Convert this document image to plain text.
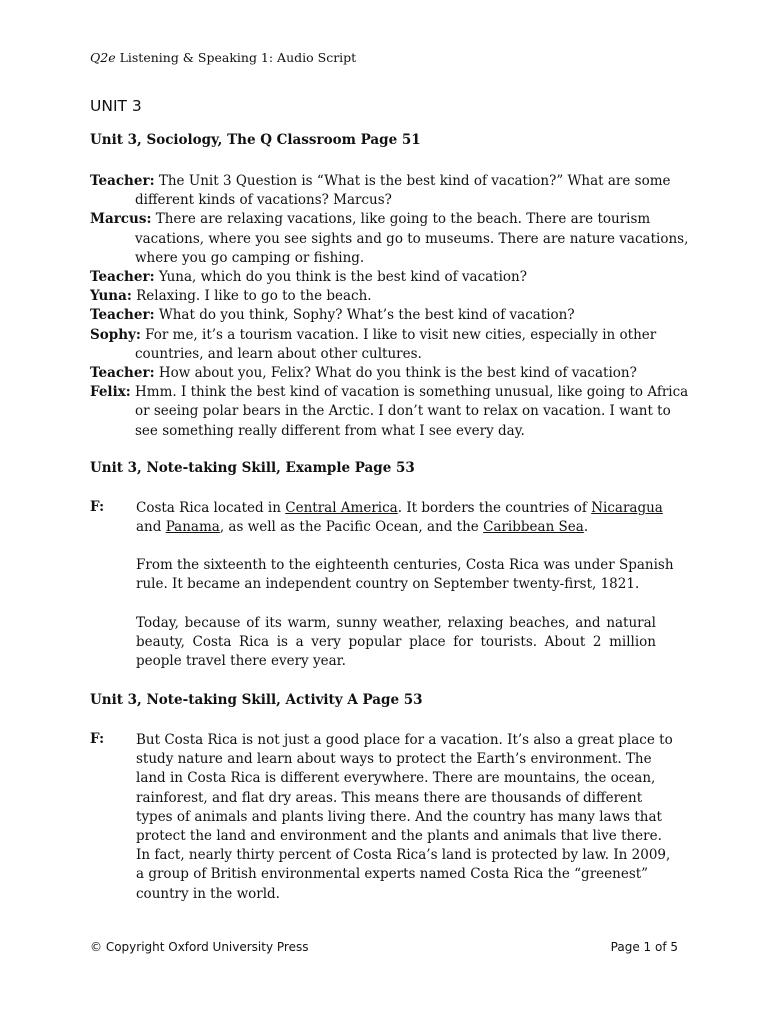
Q2e Listening & Speaking 1: Audio Script
UNIT 3
Unit 3, Sociology, The Q Classroom Page 51

Teacher: The Unit 3 Question is “What is the best kind of vacation?” What are some different kinds of vacations? Marcus?

Marcus: There are relaxing vacations, like going to the beach. There are tourism vacations, where you see sights and go to museums. There are nature vacations, where you go camping or fishing.

Teacher: Yuna, which do you think is the best kind of vacation?

Yuna: Relaxing. I like to go to the beach.

Teacher: What do you think, Sophy? What’s the best kind of vacation?

Sophy: For me, it’s a tourism vacation. I like to visit new cities, especially in other countries, and learn about other cultures.

Teacher: How about you, Felix? What do you think is the best kind of vacation?

Felix: Hmm. I think the best kind of vacation is something unusual, like going to Africa or seeing polar bears in the Arctic. I don’t want to relax on vacation. I want to see something really different from what I see every day.

Unit 3, Note-taking Skill, Example Page 53
F: Costa Rica located in Central America. It borders the countries of Nicaragua and Panama, as well as the Pacific Ocean, and the Caribbean Sea.

From the sixteenth to the eighteenth centuries, Costa Rica was under Spanish rule. It became an independent country on September twenty-first, 1821.

Today, because of its warm, sunny weather, relaxing beaches, and natural beauty, Costa Rica is a very popular place for tourists. About 2 million people travel there every year.

Unit 3, Note-taking Skill, Activity A Page 53
F: But Costa Rica is not just a good place for a vacation. It’s also a great place to study nature and learn about ways to protect the Earth’s environment. The land in Costa Rica is different everywhere. There are mountains, the ocean, rainforest, and flat dry areas. This means there are thousands of different types of animals and plants living there. And the country has many laws that protect the land and environment and the plants and animals that live there. In fact, nearly thirty percent of Costa Rica’s land is protected by law. In 2009, a group of British environmental experts named Costa Rica the “greenest” country in the world.

© Copyright Oxford University Press	Page 1 of 5
